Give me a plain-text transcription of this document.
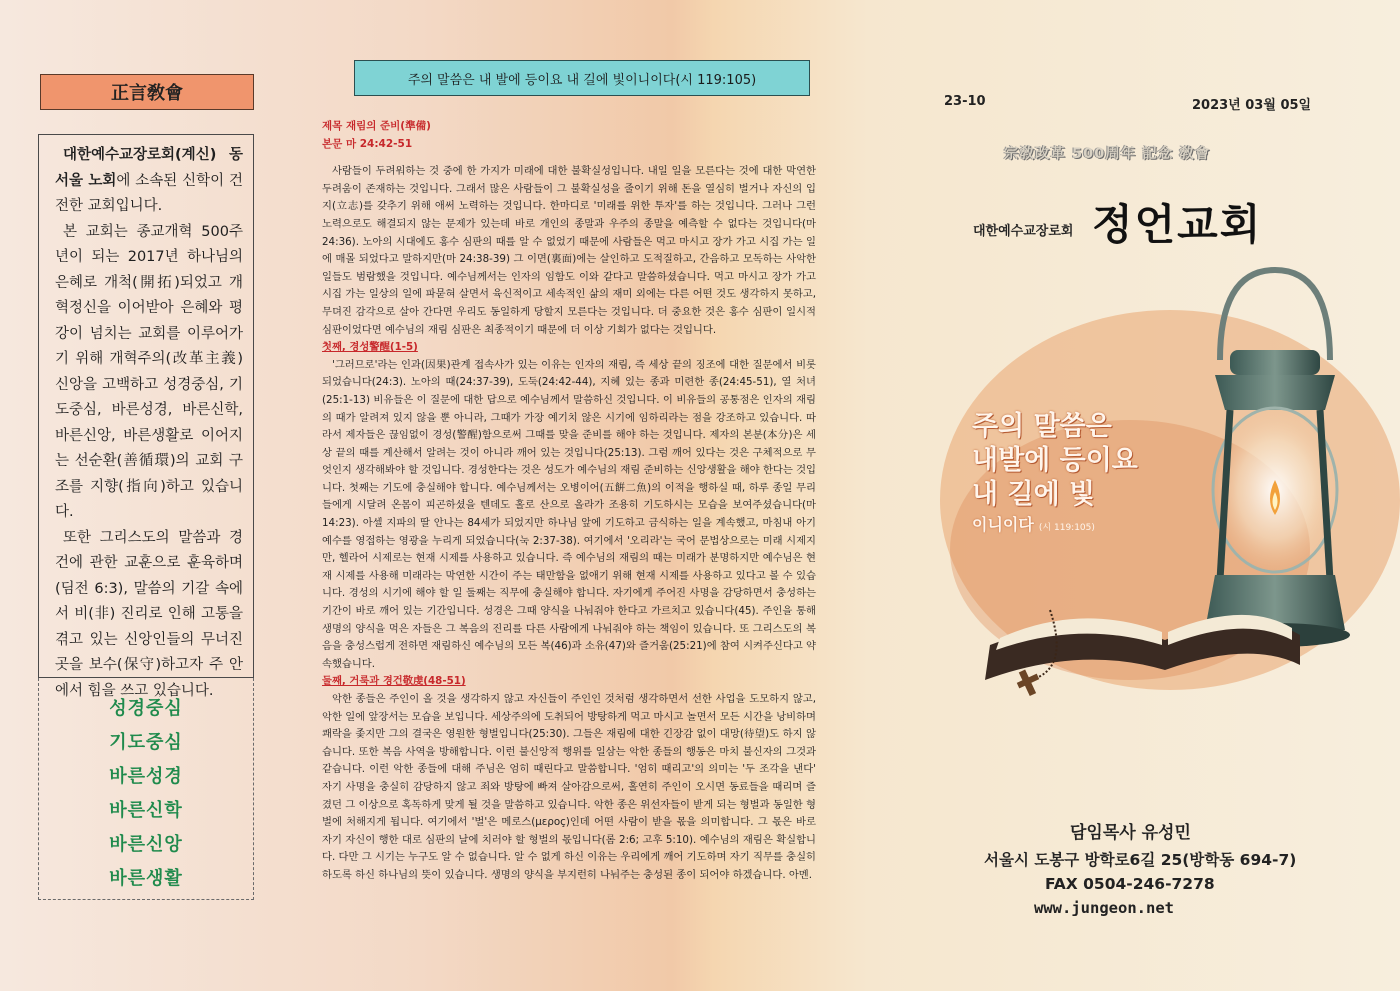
正言敎會

대한예수교장로회(계신) 동서울 노회에 소속된 신학이 건전한 교회입니다.

본 교회는 종교개혁 500주년이 되는 2017년 하나님의 은혜로 개척(開拓)되었고 개혁정신을 이어받아 은혜와 평강이 넘치는 교회를 이루어가기 위해 개혁주의(改革主義) 신앙을 고백하고 성경중심, 기도중심, 바른성경, 바른신학, 바른신앙, 바른생활로 이어지는 선순환(善循環)의 교회 구조를 지향(指向)하고 있습니다.

또한 그리스도의 말씀과 경건에 관한 교훈으로 훈육하며(딤전 6:3), 말씀의 기갈 속에서 비(非) 진리로 인해 고통을 겪고 있는 신앙인들의 무너진 곳을 보수(保守)하고자 주 안에서 힘을 쓰고 있습니다.

성경중심
기도중심
바른성경
바른신학
바른신앙
바른생활
주의 말씀은 내 발에 등이요 내 길에 빛이니이다(시 119:105)
제목 재림의 준비(準備)
본문 마 24:42-51

사람들이 두려워하는 것 중에 한 가지가 미래에 대한 불확실성입니다. 내일 일을 모른다는 것에 대한 막연한 두려움이 존재하는 것입니다. 그래서 많은 사람들이 그 불확실성을 줄이기 위해 돈을 열심히 벌거나 자신의 입지(立志)를 갖추기 위해 애써 노력하는 것입니다. 한마디로 '미래를 위한 투자'를 하는 것입니다. 그러나 그런 노력으로도 해결되지 않는 문제가 있는데 바로 개인의 종말과 우주의 종말을 예측할 수 없다는 것입니다(마 24:36). 노아의 시대에도 홍수 심판의 때를 알 수 없었기 때문에 사람들은 먹고 마시고 장가 가고 시집 가는 일에 매몰 되었다고 말하지만(마 24:38-39) 그 이면(裏面)에는 살인하고 도적질하고, 간음하고 모독하는 사악한 일들도 범람했을 것입니다. 예수님께서는 인자의 임함도 이와 같다고 말씀하셨습니다. 먹고 마시고 장가 가고 시집 가는 일상의 일에 파묻혀 살면서 육신적이고 세속적인 삶의 재미 외에는 다른 어떤 것도 생각하지 못하고, 무뎌진 감각으로 살아 간다면 우리도 동일하게 당할지 모른다는 것입니다. 더 중요한 것은 홍수 심판이 일시적 심판이었다면 예수님의 재림 심판은 최종적이기 때문에 더 이상 기회가 없다는 것입니다.

첫째, 경성警醒(1-5)

'그러므로'라는 인과(因果)관계 접속사가 있는 이유는 인자의 재림, 즉 세상 끝의 징조에 대한 질문에서 비롯되었습니다(24:3). 노아의 때(24:37-39), 도둑(24:42-44), 지혜 있는 종과 미련한 종(24:45-51), 열 처녀(25:1-13) 비유들은 이 질문에 대한 답으로 예수님께서 말씀하신 것입니다. 이 비유들의 공통점은 인자의 재림의 때가 알려져 있지 않을 뿐 아니라, 그때가 가장 예기치 않은 시기에 임하리라는 점을 강조하고 있습니다. 따라서 제자들은 끊임없이 경성(警醒)함으로써 그때를 맞을 준비를 해야 하는 것입니다. 제자의 본분(本分)은 세상 끝의 때를 계산해서 알려는 것이 아니라 깨어 있는 것입니다(25:13). 그럼 깨어 있다는 것은 구체적으로 무엇인지 생각해봐야 할 것입니다. 경성한다는 것은 성도가 예수님의 재림 준비하는 신앙생활을 해야 한다는 것입니다. 첫째는 기도에 충실해야 합니다. 예수님께서는 오병이어(五餠二魚)의 이적을 행하실 때, 하루 종일 무리들에게 시달려 온몸이 피곤하셨을 텐데도 홀로 산으로 올라가 조용히 기도하시는 모습을 보여주셨습니다(마 14:23). 아셀 지파의 딸 안나는 84세가 되었지만 하나님 앞에 기도하고 금식하는 일을 계속했고, 마침내 아기 예수를 영접하는 영광을 누리게 되었습니다(눅 2:37-38). 여기에서 '오리라'는 국어 문법상으로는 미래 시제지만, 헬라어 시제로는 현재 시제를 사용하고 있습니다. 즉 예수님의 재림의 때는 미래가 분명하지만 예수님은 현재 시제를 사용해 미래라는 막연한 시간이 주는 태만함을 없애기 위해 현재 시제를 사용하고 있다고 볼 수 있습니다. 경성의 시기에 해야 할 일 둘째는 직무에 충실해야 합니다. 자기에게 주어진 사명을 감당하면서 충성하는 기간이 바로 깨어 있는 기간입니다. 성경은 그때 양식을 나눠줘야 한다고 가르치고 있습니다(45). 주인을 통해 생명의 양식을 먹은 자들은 그 복음의 진리를 다른 사람에게 나눠줘야 하는 책임이 있습니다. 또 그리스도의 복음을 충성스럽게 전하면 재림하신 예수님의 모든 복(46)과 소유(47)와 즐거움(25:21)에 참여 시켜주신다고 약속했습니다.

둘째, 거룩과 경건敬虔(48-51)

악한 종들은 주인이 올 것을 생각하지 않고 자신들이 주인인 것처럼 생각하면서 선한 사업을 도모하지 않고, 악한 일에 앞장서는 모습을 보입니다. 세상주의에 도취되어 방탕하게 먹고 마시고 놀면서 모든 시간을 낭비하며 쾌락을 좇지만 그의 결국은 영원한 형벌입니다(25:30). 그들은 재림에 대한 긴장감 없이 대망(待望)도 하지 않습니다. 또한 복음 사역을 방해합니다. 이런 불신앙적 행위를 일삼는 악한 종들의 행동은 마치 불신자의 그것과 같습니다. 이런 악한 종들에 대해 주님은 엄히 때린다고 말씀합니다. '엄히 때리고'의 의미는 '두 조각을 낸다' 자기 사명을 충실히 감당하지 않고 죄와 방탕에 빠져 살아감으로써, 홀연히 주인이 오시면 동료들을 때리며 즐겼던 그 이상으로 혹독하게 맞게 될 것을 말씀하고 있습니다. 악한 종은 위선자들이 받게 되는 형벌과 동일한 형벌에 처해지게 됩니다. 여기에서 '벌'은 메로스(μεροç)인데 어떤 사람이 받을 몫을 의미합니다. 그 몫은 바로 자기 자신이 행한 대로 심판의 날에 치러야 할 형벌의 몫입니다(롬 2:6; 고후 5:10). 예수님의 재림은 확실합니다. 다만 그 시기는 누구도 알 수 없습니다. 알 수 없게 하신 이유는 우리에게 깨어 기도하며 자기 직무를 충실히 하도록 하신 하나님의 뜻이 있습니다. 생명의 양식을 부지런히 나눠주는 충성된 종이 되어야 하겠습니다. 아멘.

23-10	2023년 03월 05일
宗敎改革 500周年 記念 敎會
대한예수교장로회 정언교회
주의 말씀은
내발에 등이요
내 길에 빛
이니이다 (시 119:105)
담임목사 유성민
서울시 도봉구 방학로6길 25(방학동 694-7)
FAX 0504-246-7278
www.jungeon.net
